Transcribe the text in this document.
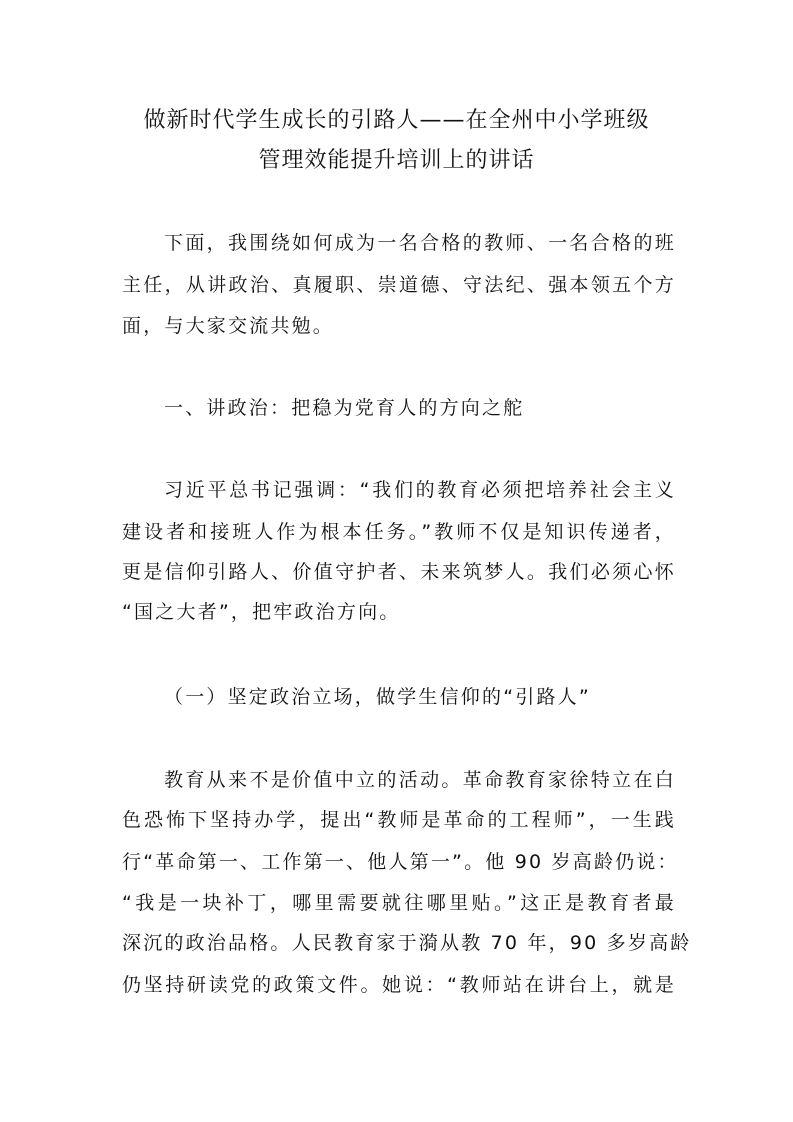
做新时代学生成长的引路人——在全州中小学班级
管理效能提升培训上的讲话
下面，我围绕如何成为一名合格的教师、一名合格的班
主任，从讲政治、真履职、崇道德、守法纪、强本领五个方
面，与大家交流共勉。
一、讲政治：把稳为党育人的方向之舵
习近平总书记强调：“我们的教育必须把培养社会主义
建设者和接班人作为根本任务。”教师不仅是知识传递者，
更是信仰引路人、价值守护者、未来筑梦人。我们必须心怀
“国之大者”，把牢政治方向。
（一）坚定政治立场，做学生信仰的“引路人”
教育从来不是价值中立的活动。革命教育家徐特立在白
色恐怖下坚持办学，提出“教师是革命的工程师”，一生践
行“革命第一、工作第一、他人第一”。他 90 岁高龄仍说：
“我是一块补丁，哪里需要就往哪里贴。”这正是教育者最
深沉的政治品格。人民教育家于漪从教 70 年，90 多岁高龄
仍坚持研读党的政策文件。她说：“教师站在讲台上，就是
